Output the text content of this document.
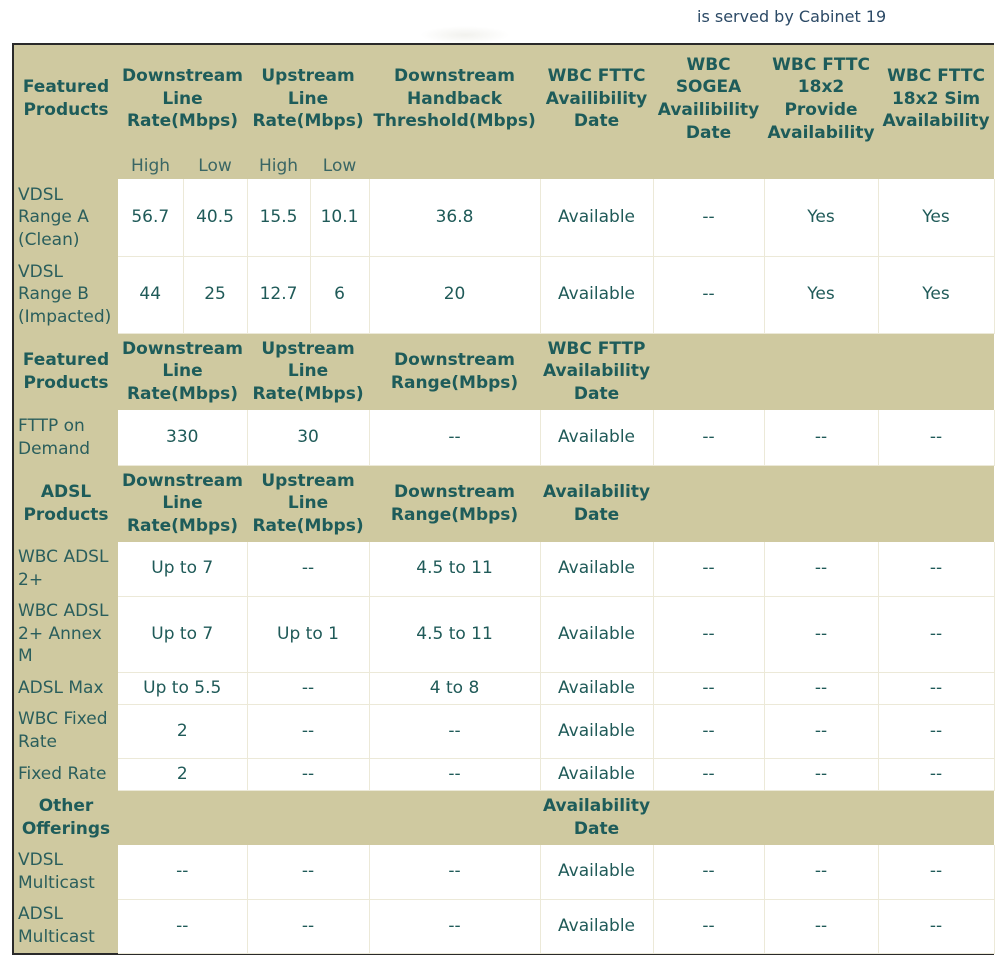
is served by Cabinet 19
Featured Products	Downstream Line Rate(Mbps)		Upstream Line Rate(Mbps)		Downstream Handback Threshold(Mbps)	WBC FTTC Availibility Date	WBC SOGEA Availibility Date	WBC FTTC 18x2 Provide Availability	WBC FTTC 18x2 Sim Availability
	High	Low	High	Low					
VDSL Range A (Clean)	56.7	40.5	15.5	10.1	36.8	Available	--	Yes	Yes
VDSL Range B (Impacted)	44	25	12.7	6	20	Available	--	Yes	Yes
Featured Products	Downstream Line Rate(Mbps)		Upstream Line Rate(Mbps)		Downstream Range(Mbps)	WBC FTTP Availability Date			
FTTP on Demand	330		30		--	Available	--	--	--
ADSL Products	Downstream Line Rate(Mbps)		Upstream Line Rate(Mbps)		Downstream Range(Mbps)	Availability Date			
WBC ADSL 2+	Up to 7		--		4.5 to 11	Available	--	--	--
WBC ADSL 2+ Annex M	Up to 7		Up to 1		4.5 to 11	Available	--	--	--
ADSL Max	Up to 5.5		--		4 to 8	Available	--	--	--
WBC Fixed Rate	2		--		--	Available	--	--	--
Fixed Rate	2		--		--	Available	--	--	--
Other Offerings						Availability Date			
VDSL Multicast	--		--		--	Available	--	--	--
ADSL Multicast	--		--		--	Available	--	--	--
